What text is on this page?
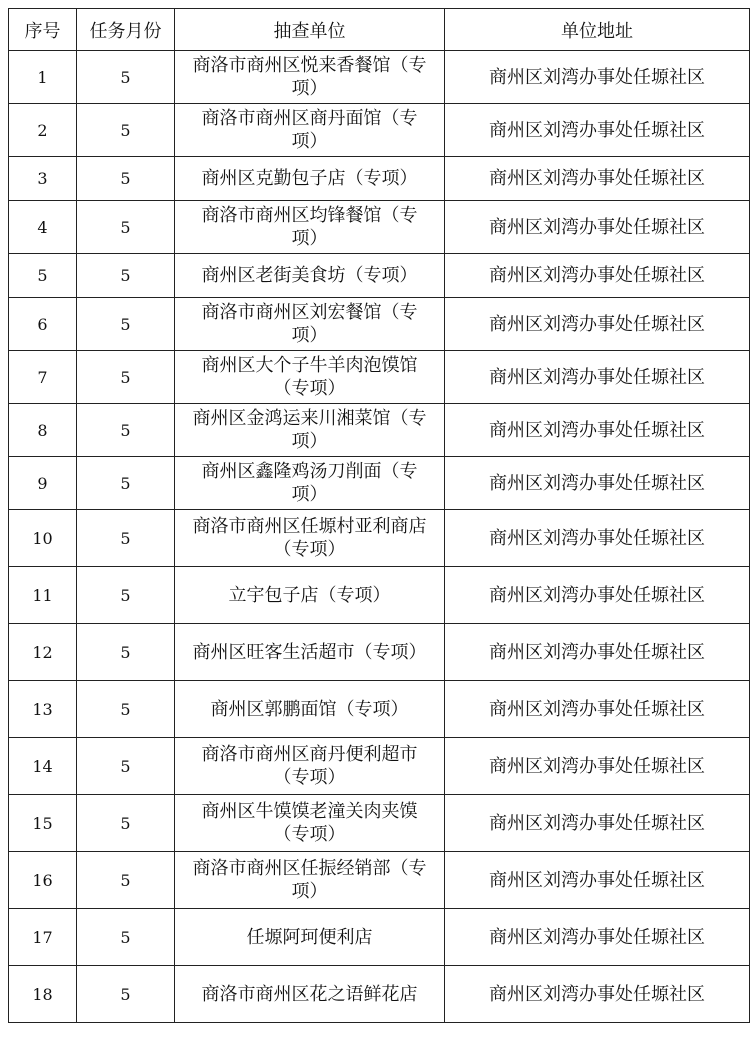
序号	任务月份	抽查单位	单位地址
1	5	商洛市商州区悦来香餐馆（专项）	商州区刘湾办事处任塬社区
2	5	商洛市商州区商丹面馆（专项）	商州区刘湾办事处任塬社区
3	5	商州区克勤包子店（专项）	商州区刘湾办事处任塬社区
4	5	商洛市商州区均锋餐馆（专项）	商州区刘湾办事处任塬社区
5	5	商州区老街美食坊（专项）	商州区刘湾办事处任塬社区
6	5	商洛市商州区刘宏餐馆（专项）	商州区刘湾办事处任塬社区
7	5	商州区大个子牛羊肉泡馍馆（专项）	商州区刘湾办事处任塬社区
8	5	商州区金鸿运来川湘菜馆（专项）	商州区刘湾办事处任塬社区
9	5	商州区鑫隆鸡汤刀削面（专项）	商州区刘湾办事处任塬社区
10	5	商洛市商州区任塬村亚利商店（专项）	商州区刘湾办事处任塬社区
11	5	立宇包子店（专项）	商州区刘湾办事处任塬社区
12	5	商州区旺客生活超市（专项）	商州区刘湾办事处任塬社区
13	5	商州区郭鹏面馆（专项）	商州区刘湾办事处任塬社区
14	5	商洛市商州区商丹便利超市（专项）	商州区刘湾办事处任塬社区
15	5	商州区牛馍馍老潼关肉夹馍（专项）	商州区刘湾办事处任塬社区
16	5	商洛市商州区任振经销部（专项）	商州区刘湾办事处任塬社区
17	5	任塬阿珂便利店	商州区刘湾办事处任塬社区
18	5	商洛市商州区花之语鲜花店	商州区刘湾办事处任塬社区
